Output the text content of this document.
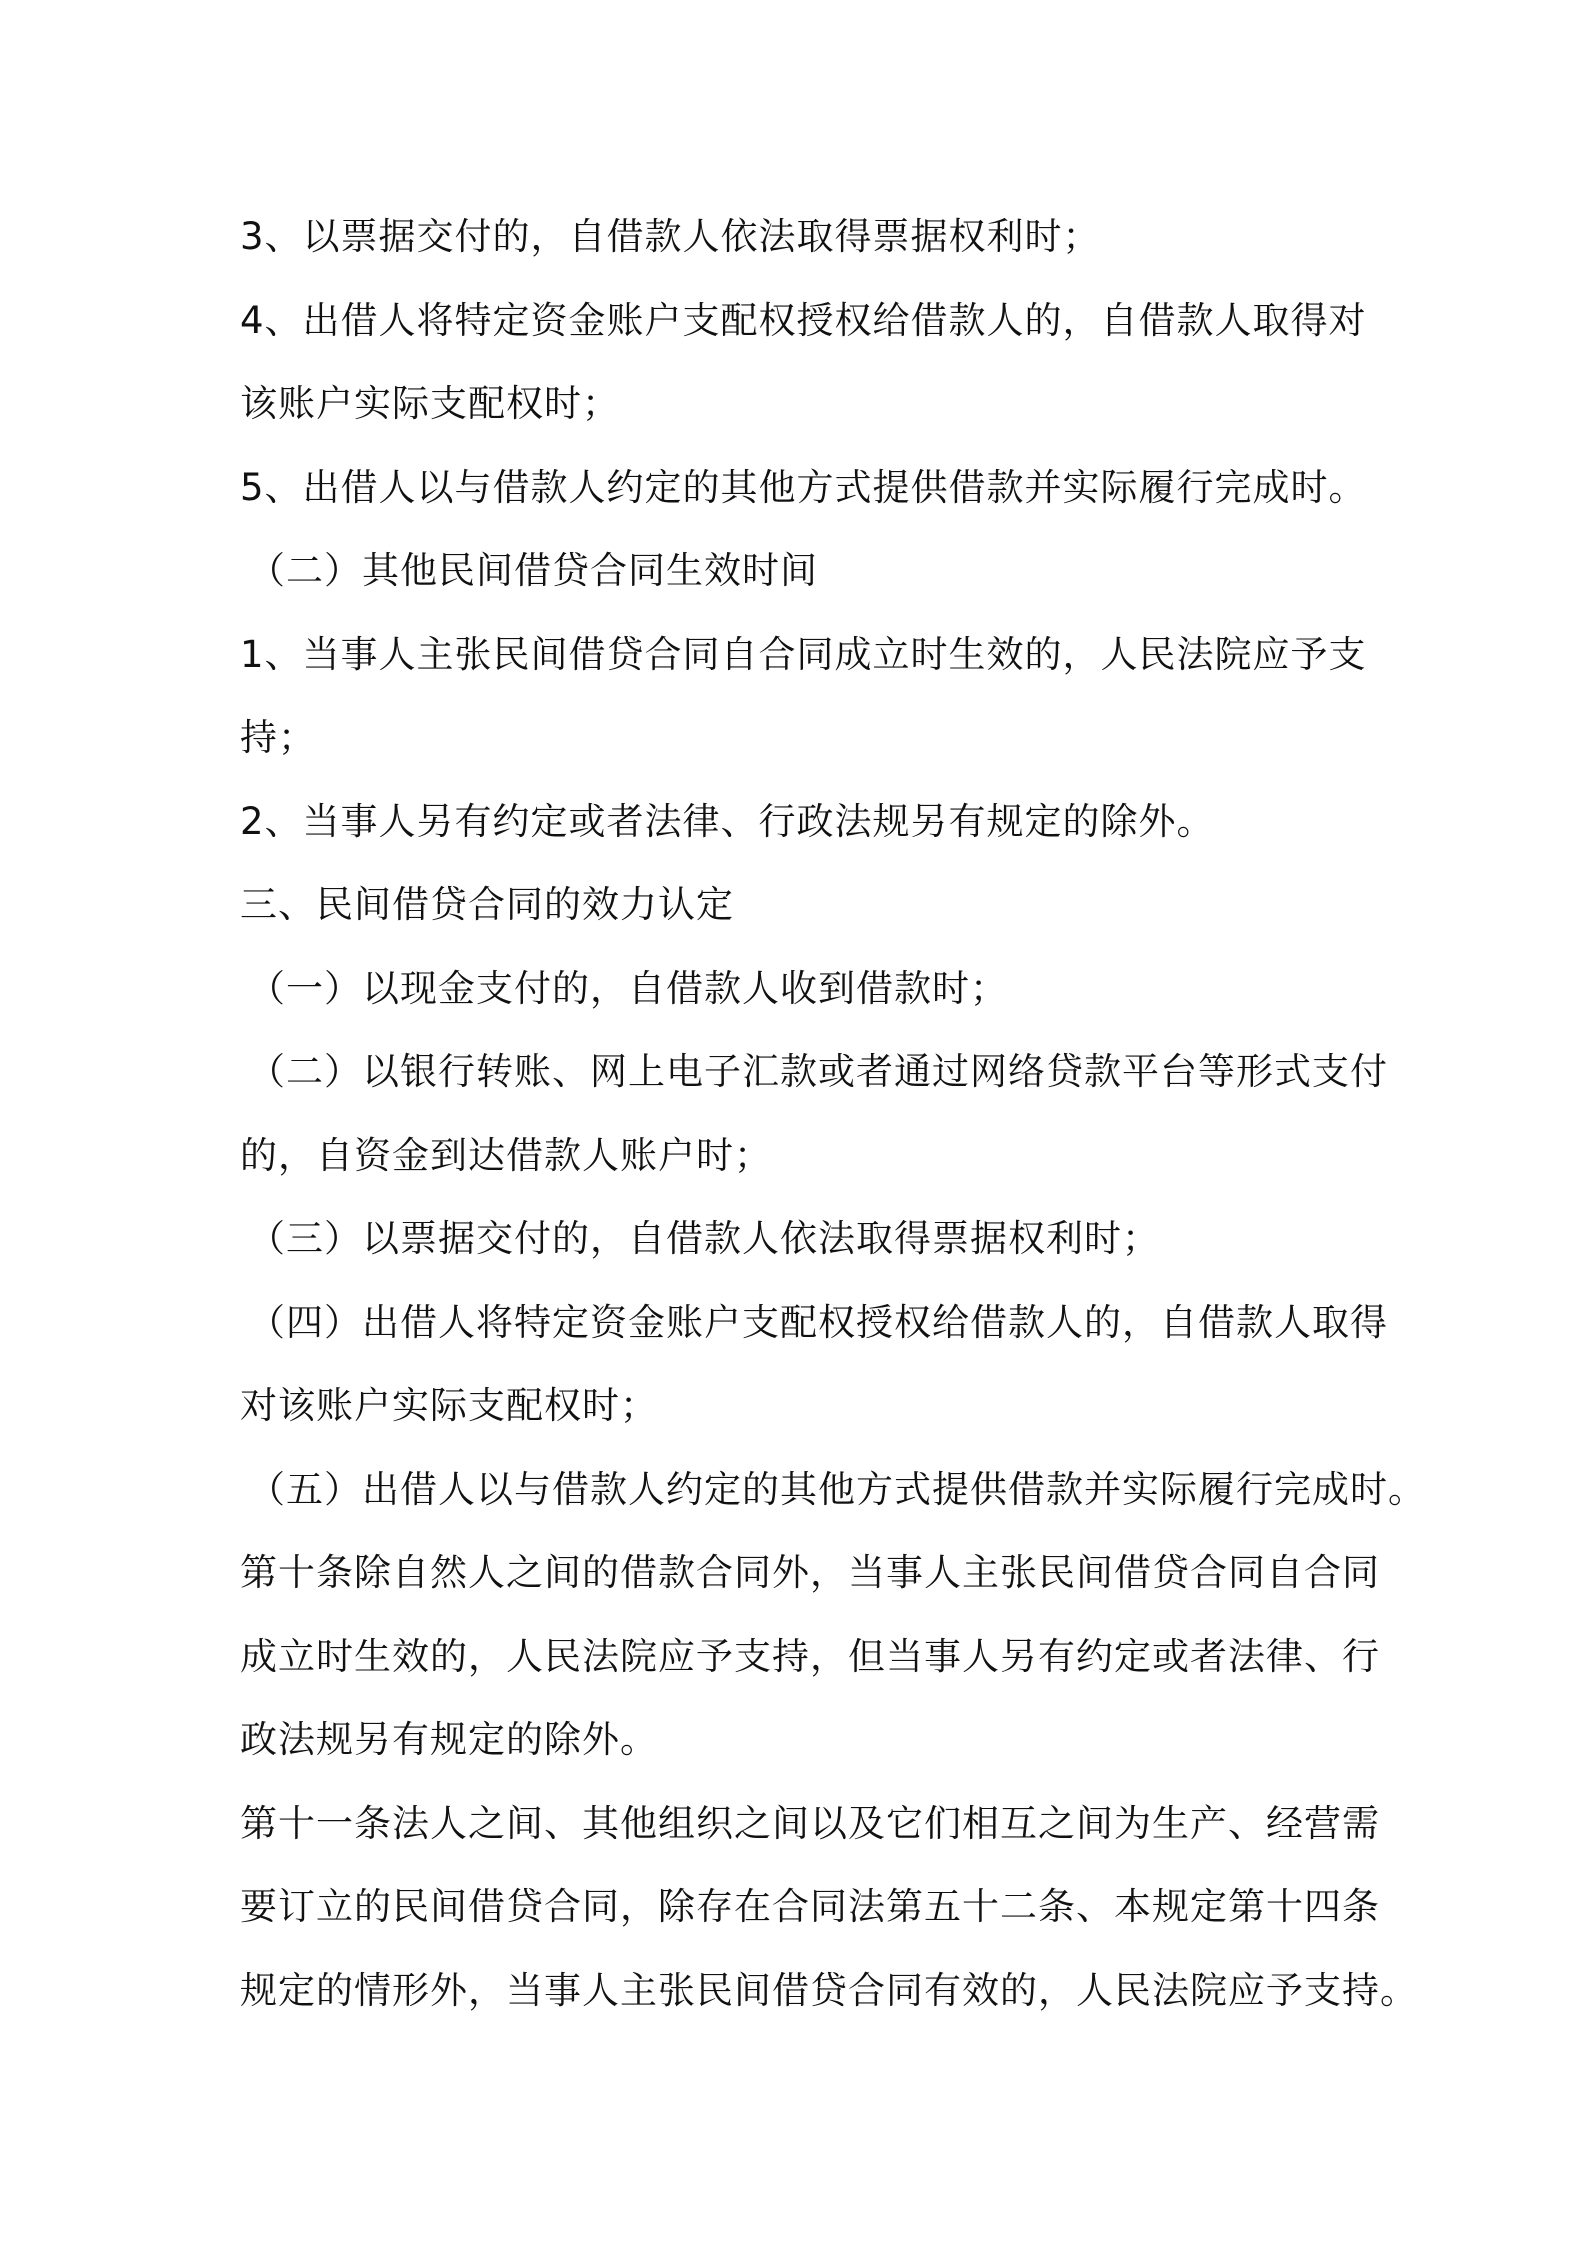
3、以票据交付的，自借款人依法取得票据权利时；
4、出借人将特定资金账户支配权授权给借款人的，自借款人取得对
该账户实际支配权时；
5、出借人以与借款人约定的其他方式提供借款并实际履行完成时。
（二）其他民间借贷合同生效时间
1、当事人主张民间借贷合同自合同成立时生效的，人民法院应予支
持；
2、当事人另有约定或者法律、行政法规另有规定的除外。
三、民间借贷合同的效力认定
（一）以现金支付的，自借款人收到借款时；
（二）以银行转账、网上电子汇款或者通过网络贷款平台等形式支付
的，自资金到达借款人账户时；
（三）以票据交付的，自借款人依法取得票据权利时；
（四）出借人将特定资金账户支配权授权给借款人的，自借款人取得
对该账户实际支配权时；
（五）出借人以与借款人约定的其他方式提供借款并实际履行完成时。
第十条除自然人之间的借款合同外，当事人主张民间借贷合同自合同
成立时生效的，人民法院应予支持，但当事人另有约定或者法律、行
政法规另有规定的除外。
第十一条法人之间、其他组织之间以及它们相互之间为生产、经营需
要订立的民间借贷合同，除存在合同法第五十二条、本规定第十四条
规定的情形外，当事人主张民间借贷合同有效的，人民法院应予支持。
